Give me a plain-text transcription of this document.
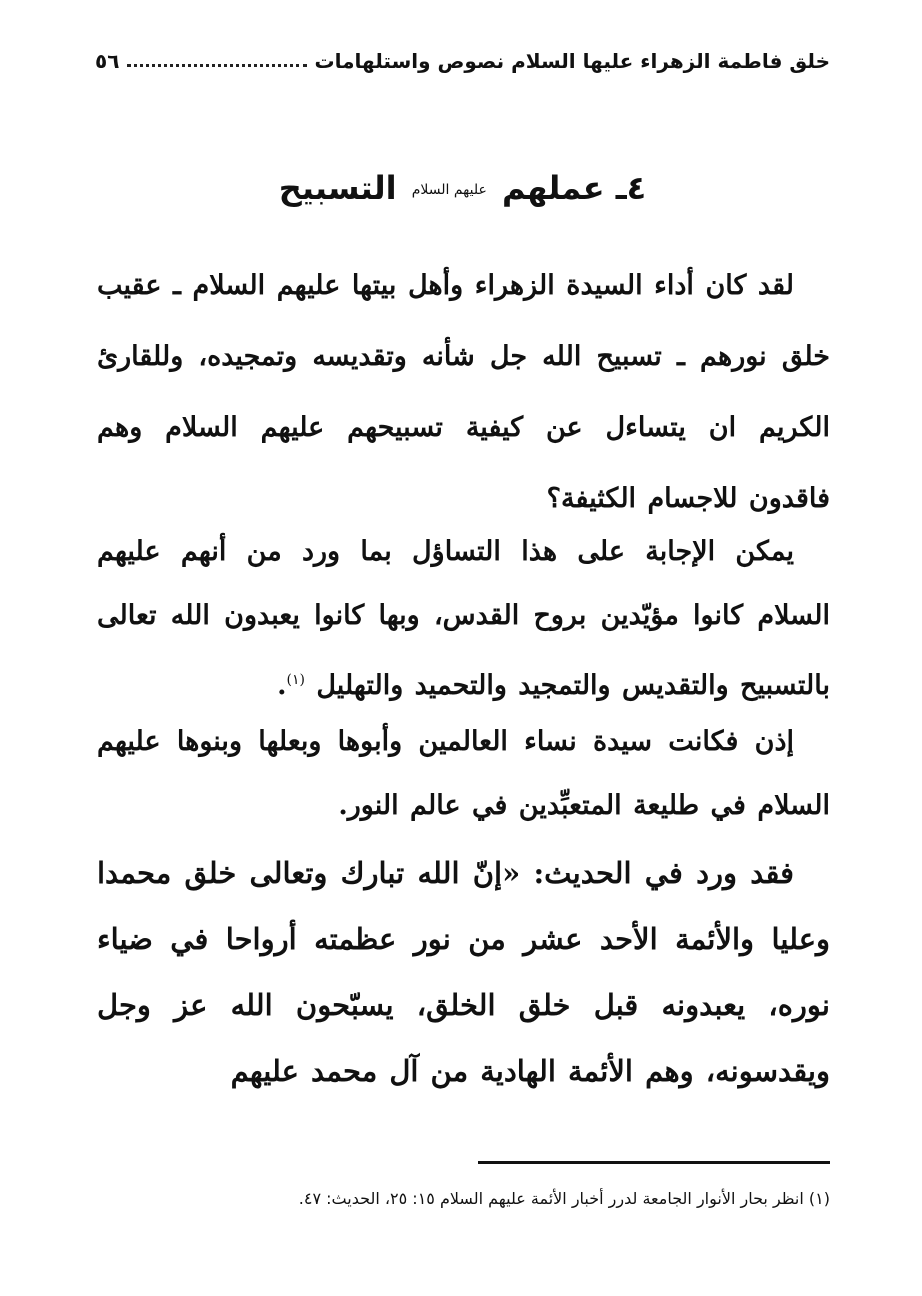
خلق فاطمة الزهراء عليها السلام نصوص واستلهامات
٥٦
٤ـ عملهم عليهم السلام التسبيح

لقد كان أداء السيدة الزهراء وأهل بيتها عليهم السلام ـ عقيب خلق نورهم ـ تسبيح الله جل شأنه وتقديسه وتمجيده، وللقارئ الكريم ان يتساءل عن كيفية تسبيحهم عليهم السلام وهم فاقدون للاجسام الكثيفة؟

يمكن الإجابة على هذا التساؤل بما ورد من أنهم عليهم السلام كانوا مؤيّدين بروح القدس، وبها كانوا يعبدون الله تعالى بالتسبيح والتقديس والتمجيد والتحميد والتهليل $^{(١)}$.

إذن فكانت سيدة نساء العالمين وأبوها وبعلها وبنوها عليهم السلام في طليعة المتعبِّدين في عالم النور.

فقد ورد في الحديث: «إنّ الله تبارك وتعالى خلق محمدا وعليا والأئمة الأحد عشر من نور عظمته أرواحا في ضياء نوره، يعبدونه قبل خلق الخلق، يسبّحون الله عز وجل ويقدسونه، وهم الأئمة الهادية من آل محمد عليهم

(١) انظر بحار الأنوار الجامعة لدرر أخبار الأئمة عليهم السلام ١٥: ٢٥، الحديث: ٤٧.
